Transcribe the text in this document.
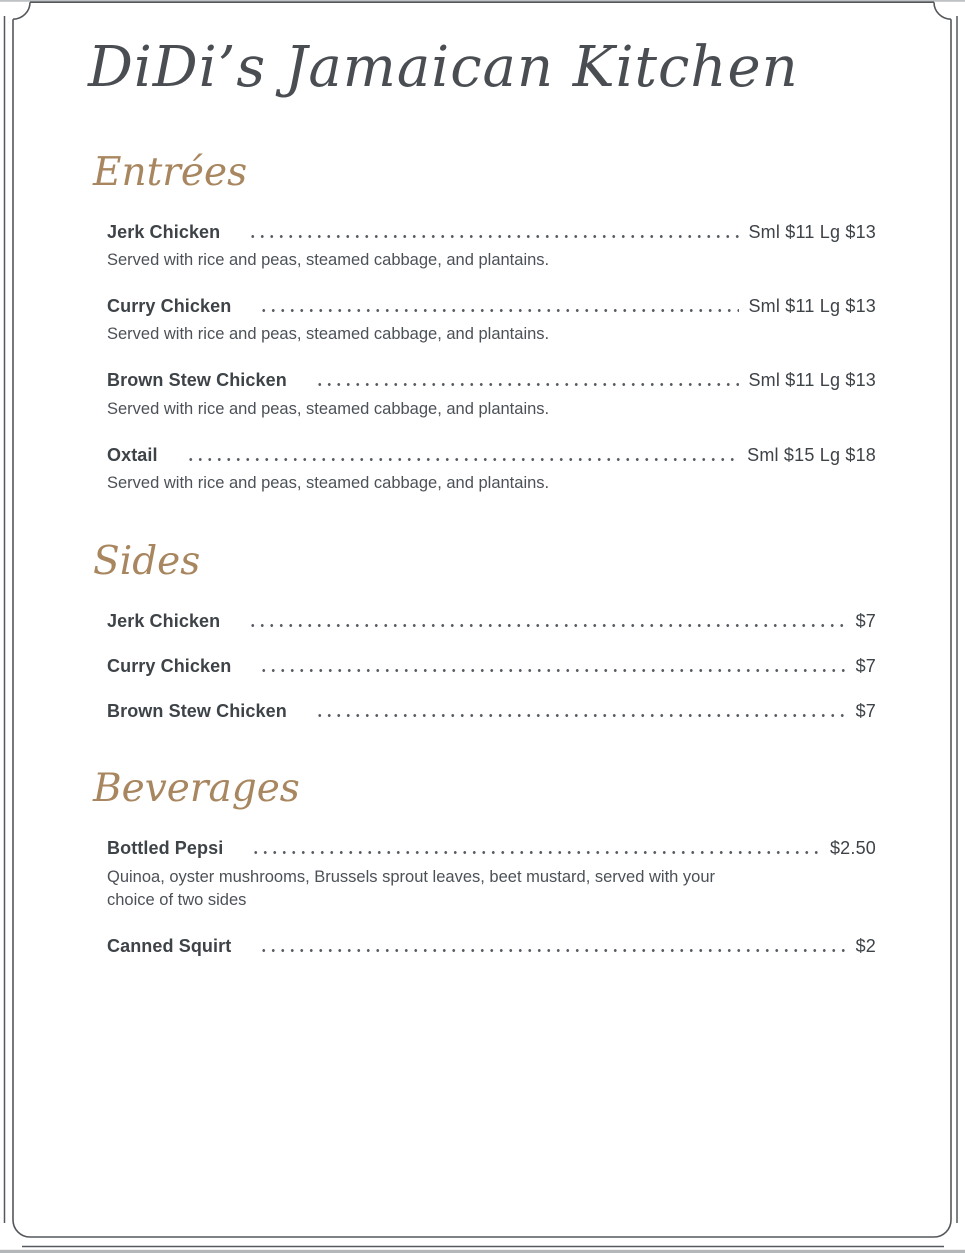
DiDi’s Jamaican Kitchen
Entrées
Jerk Chicken	Sml $11 Lg $13

Served with rice and peas, steamed cabbage, and plantains.

Curry Chicken	Sml $11 Lg $13

Served with rice and peas, steamed cabbage, and plantains.

Brown Stew Chicken	Sml $11 Lg $13

Served with rice and peas, steamed cabbage, and plantains.

Oxtail	Sml $15 Lg $18

Served with rice and peas, steamed cabbage, and plantains.

Sides
Jerk Chicken	$7
Curry Chicken	$7
Brown Stew Chicken	$7
Beverages
Bottled Pepsi	$2.50

Quinoa, oyster mushrooms, Brussels sprout leaves, beet mustard, served with your choice of two sides

Canned Squirt	$2
